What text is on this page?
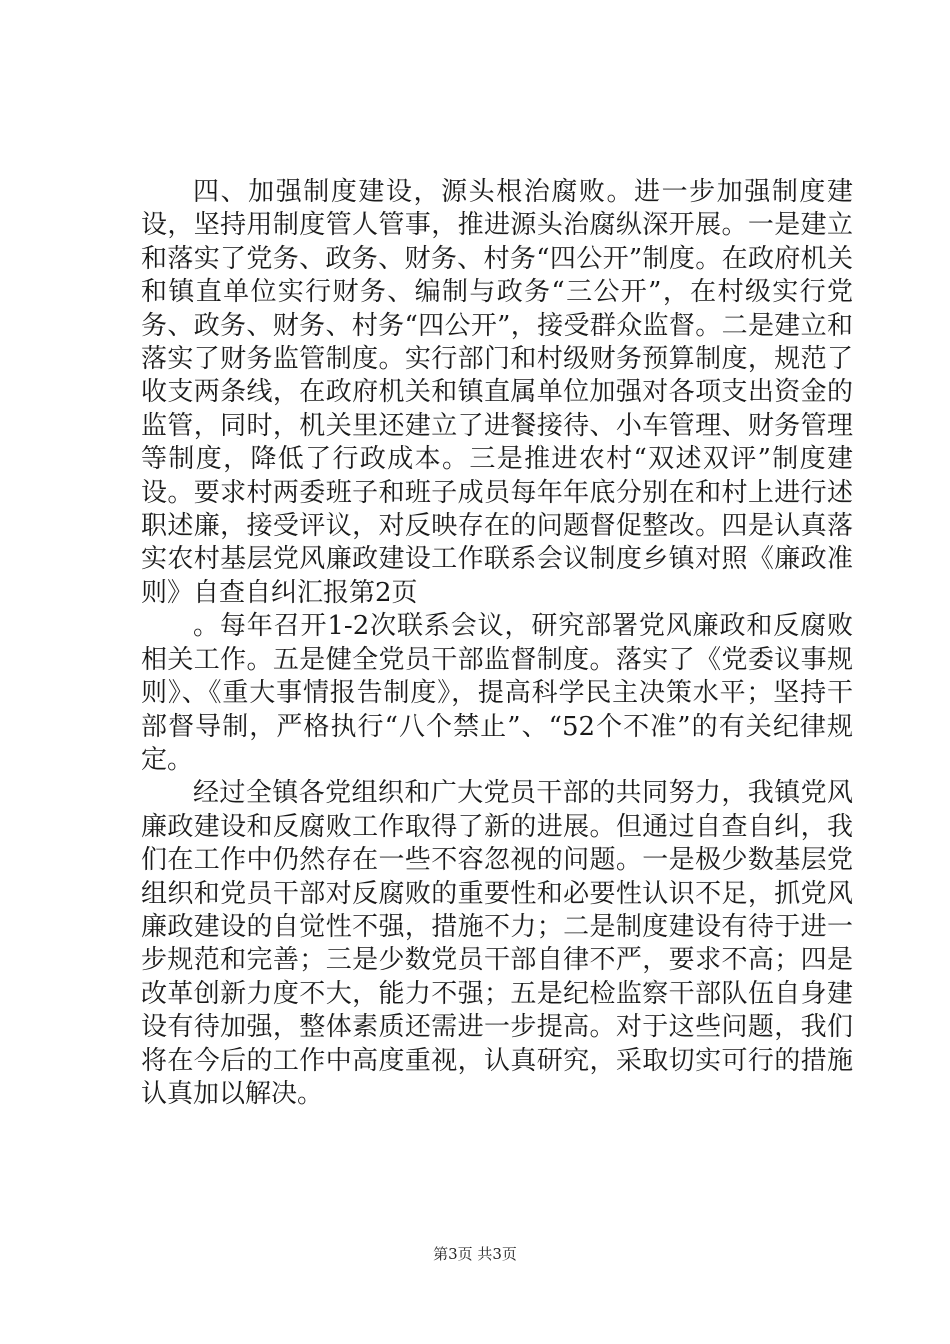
四、加强制度建设，源头根治腐败。进一步加强制度建设，坚持用制度管人管事，推进源头治腐纵深开展。一是建立和落实了党务、政务、财务、村务“四公开”制度。在政府机关和镇直单位实行财务、编制与政务“三公开”，在村级实行党务、政务、财务、村务“四公开”，接受群众监督。二是建立和落实了财务监管制度。实行部门和村级财务预算制度，规范了收支两条线，在政府机关和镇直属单位加强对各项支出资金的监管，同时，机关里还建立了进餐接待、小车管理、财务管理等制度，降低了行政成本。三是推进农村“双述双评”制度建设。要求村两委班子和班子成员每年年底分别在和村上进行述职述廉，接受评议，对反映存在的问题督促整改。四是认真落实农村基层党风廉政建设工作联系会议制度乡镇对照《廉政准则》自查自纠汇报第2页

。每年召开1-2次联系会议，研究部署党风廉政和反腐败相关工作。五是健全党员干部监督制度。落实了《党委议事规则》、《重大事情报告制度》，提高科学民主决策水平；坚持干部督导制，严格执行“八个禁止”、“52个不准”的有关纪律规定。

经过全镇各党组织和广大党员干部的共同努力，我镇党风廉政建设和反腐败工作取得了新的进展。但通过自查自纠，我们在工作中仍然存在一些不容忽视的问题。一是极少数基层党组织和党员干部对反腐败的重要性和必要性认识不足，抓党风廉政建设的自觉性不强，措施不力；二是制度建设有待于进一步规范和完善；三是少数党员干部自律不严，要求不高；四是改革创新力度不大，能力不强；五是纪检监察干部队伍自身建设有待加强，整体素质还需进一步提高。对于这些问题，我们将在今后的工作中高度重视，认真研究，采取切实可行的措施认真加以解决。

第3页 共3页
